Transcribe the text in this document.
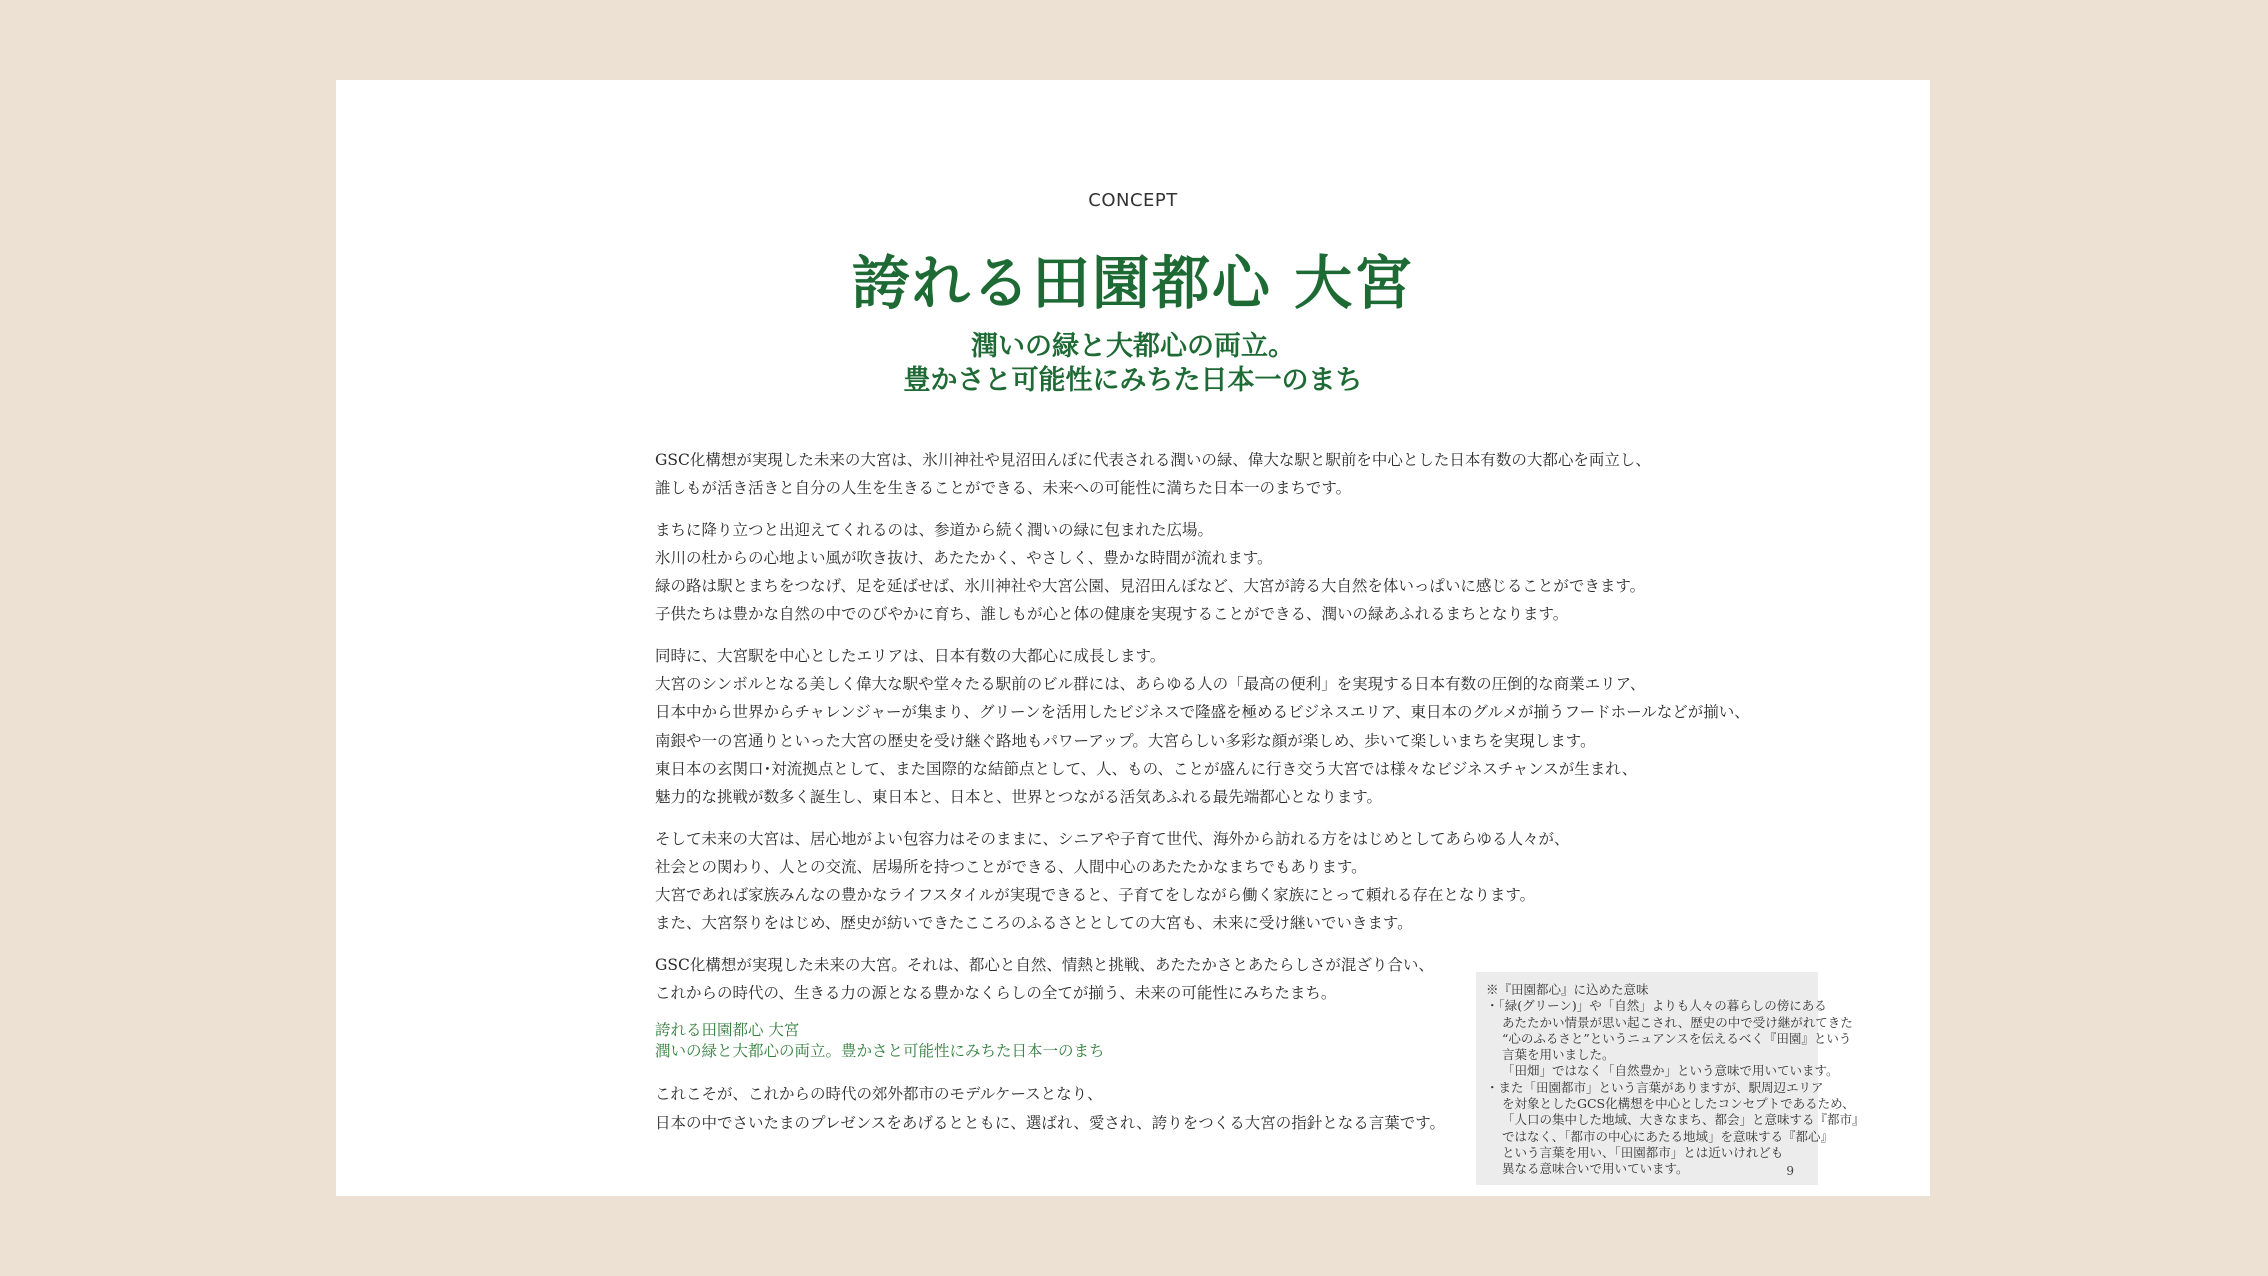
CONCEPT
誇れる田園都心 大宮
潤いの緑と大都心の両立。
豊かさと可能性にみちた日本一のまち

GSC化構想が実現した未来の大宮は、氷川神社や見沼田んぼに代表される潤いの緑、偉大な駅と駅前を中心とした日本有数の大都心を両立し、
誰しもが活き活きと自分の人生を生きることができる、未来への可能性に満ちた日本一のまちです。

まちに降り立つと出迎えてくれるのは、参道から続く潤いの緑に包まれた広場。
氷川の杜からの心地よい風が吹き抜け、あたたかく、やさしく、豊かな時間が流れます。
緑の路は駅とまちをつなげ、足を延ばせば、氷川神社や大宮公園、見沼田んぼなど、大宮が誇る大自然を体いっぱいに感じることができます。
子供たちは豊かな自然の中でのびやかに育ち、誰しもが心と体の健康を実現することができる、潤いの緑あふれるまちとなります。

同時に、大宮駅を中心としたエリアは、日本有数の大都心に成長します。
大宮のシンボルとなる美しく偉大な駅や堂々たる駅前のビル群には、あらゆる人の「最高の便利」を実現する日本有数の圧倒的な商業エリア、
日本中から世界からチャレンジャーが集まり、グリーンを活用したビジネスで隆盛を極めるビジネスエリア、東日本のグルメが揃うフードホールなどが揃い、
南銀や一の宮通りといった大宮の歴史を受け継ぐ路地もパワーアップ。大宮らしい多彩な顔が楽しめ、歩いて楽しいまちを実現します。
東日本の玄関口･対流拠点として、また国際的な結節点として、人、もの、ことが盛んに行き交う大宮では様々なビジネスチャンスが生まれ、
魅力的な挑戦が数多く誕生し、東日本と、日本と、世界とつながる活気あふれる最先端都心となります。

そして未来の大宮は、居心地がよい包容力はそのままに、シニアや子育て世代、海外から訪れる方をはじめとしてあらゆる人々が、
社会との関わり、人との交流、居場所を持つことができる、人間中心のあたたかなまちでもあります。
大宮であれば家族みんなの豊かなライフスタイルが実現できると、子育てをしながら働く家族にとって頼れる存在となります。
また、大宮祭りをはじめ、歴史が紡いできたこころのふるさととしての大宮も、未来に受け継いでいきます。

GSC化構想が実現した未来の大宮。それは、都心と自然、情熱と挑戦、あたたかさとあたらしさが混ざり合い、
これからの時代の、生きる力の源となる豊かなくらしの全てが揃う、未来の可能性にみちたまち。

誇れる田園都心 大宮
潤いの緑と大都心の両立。豊かさと可能性にみちた日本一のまち

これこそが、これからの時代の郊外都市のモデルケースとなり、
日本の中でさいたまのプレゼンスをあげるとともに、選ばれ、愛され、誇りをつくる大宮の指針となる言葉です。

※『田園都心』に込めた意味
・「緑(グリーン)」や「自然」よりも人々の暮らしの傍にある
あたたかい情景が思い起こされ、歴史の中で受け継がれてきた
“心のふるさと”というニュアンスを伝えるべく『田園』という
言葉を用いました。
「田畑」ではなく「自然豊か」という意味で用いています。
・また「田園都市」という言葉がありますが、駅周辺エリア
を対象としたGCS化構想を中心としたコンセプトであるため、
「人口の集中した地域、大きなまち、都会」と意味する『都市』
ではなく、「都市の中心にあたる地域」を意味する『都心』
という言葉を用い、「田園都市」とは近いけれども
異なる意味合いで用いています。	9
